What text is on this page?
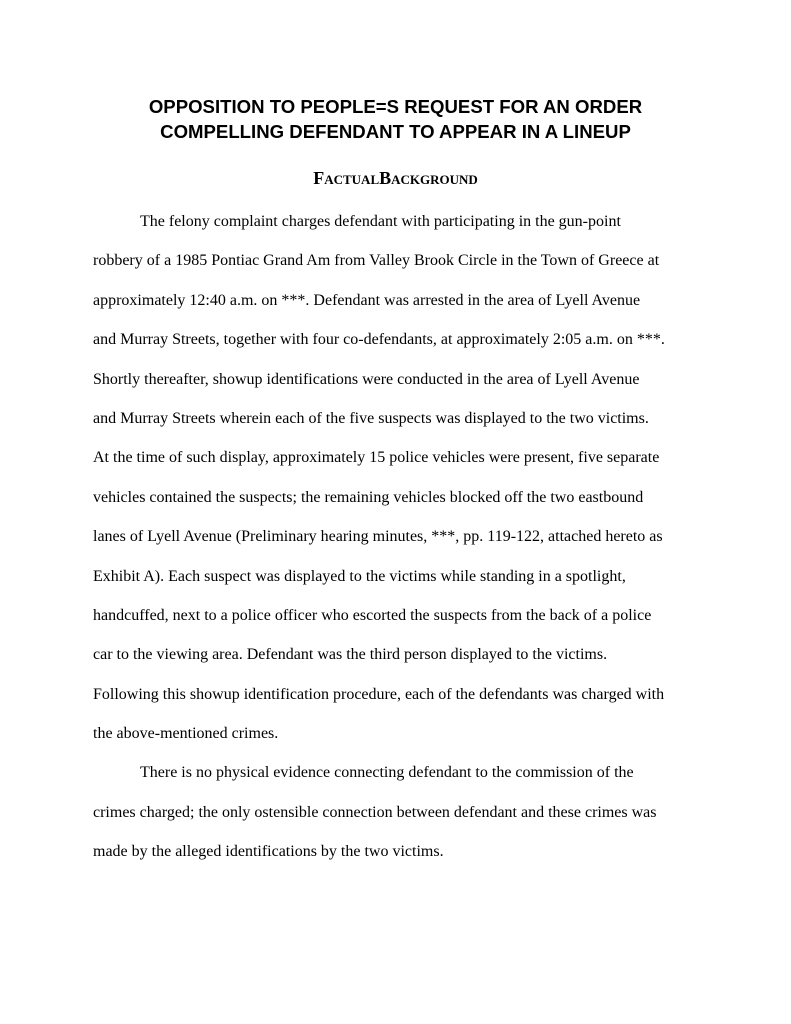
OPPOSITION TO PEOPLE=S REQUEST FOR AN ORDER
COMPELLING DEFENDANT TO APPEAR IN A LINEUP
FactualBackground
The felony complaint charges defendant with participating in the gun-point
robbery of a 1985 Pontiac Grand Am from Valley Brook Circle in the Town of Greece at
approximately 12:40 a.m. on ***. Defendant was arrested in the area of Lyell Avenue
and Murray Streets, together with four co-defendants, at approximately 2:05 a.m. on ***.
Shortly thereafter, showup identifications were conducted in the area of Lyell Avenue
and Murray Streets wherein each of the five suspects was displayed to the two victims.
At the time of such display, approximately 15 police vehicles were present, five separate
vehicles contained the suspects; the remaining vehicles blocked off the two eastbound
lanes of Lyell Avenue (Preliminary hearing minutes, ***, pp. 119-122, attached hereto as
Exhibit A). Each suspect was displayed to the victims while standing in a spotlight,
handcuffed, next to a police officer who escorted the suspects from the back of a police
car to the viewing area. Defendant was the third person displayed to the victims.
Following this showup identification procedure, each of the defendants was charged with
the above-mentioned crimes.
There is no physical evidence connecting defendant to the commission of the
crimes charged; the only ostensible connection between defendant and these crimes was
made by the alleged identifications by the two victims.
